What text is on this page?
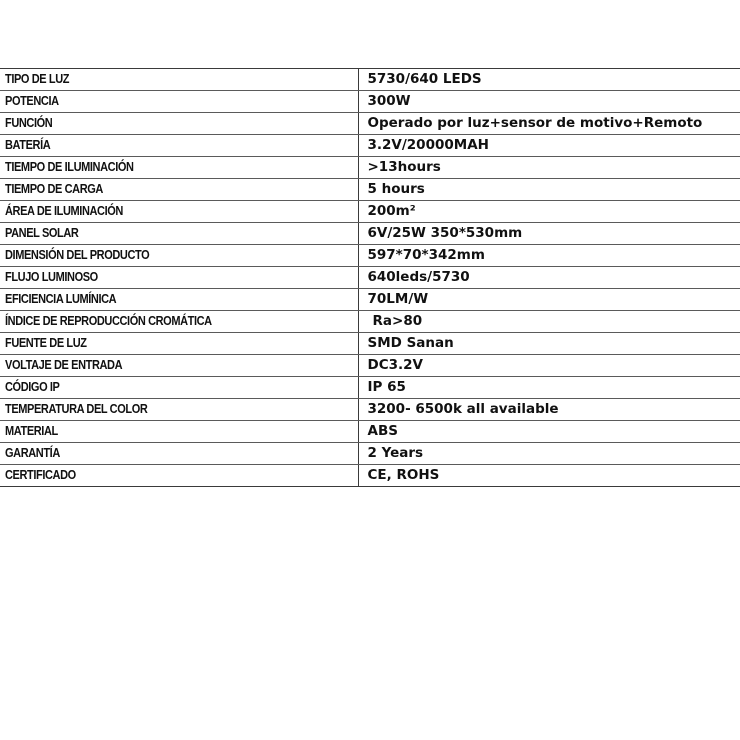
TIPO DE LUZ	5730/640 LEDS
POTENCIA	300W
FUNCIÓN	Operado por luz+sensor de motivo+Remoto
BATERÍA	3.2V/20000MAH
TIEMPO DE ILUMINACIÓN	>13hours
TIEMPO DE CARGA	5 hours
ÁREA DE ILUMINACIÓN	200m²
PANEL SOLAR	6V/25W 350*530mm
DIMENSIÓN DEL PRODUCTO	597*70*342mm
FLUJO LUMINOSO	640leds/5730
EFICIENCIA LUMÍNICA	70LM/W
ÍNDICE DE REPRODUCCIÓN CROMÁTICA	Ra>80
FUENTE DE LUZ	SMD Sanan
VOLTAJE DE ENTRADA	DC3.2V
CÓDIGO IP	IP 65
TEMPERATURA DEL COLOR	3200- 6500k all available
MATERIAL	ABS
GARANTÍA	2 Years
CERTIFICADO	CE, ROHS
